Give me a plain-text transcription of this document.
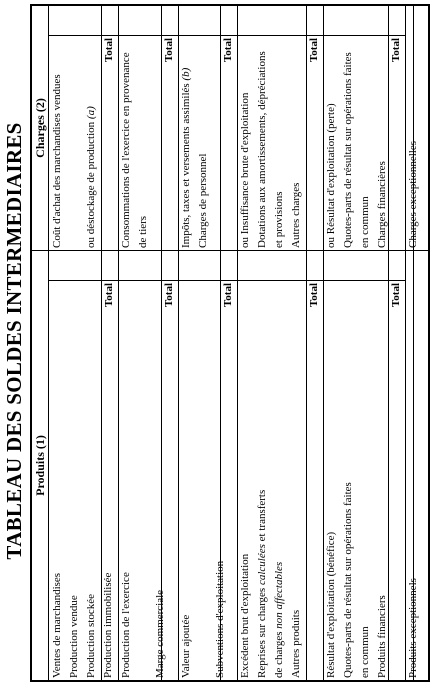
TABLEAU DES SOLDES INTERMEDIAIRES Produits (1)
Charges (2)
Ventes de marchandises Production vendue Production stockée Production immobilisée
Total
Coût d'achat des marchandises vendues
ou déstockage de production (a)
Total
Production de l'exercice
Marge commerciale
Total
Consommations de l'exercice en provenance de tiers
Total
Valeur ajoutée
Subventions d'exploitation
Total
Impôts, taxes et versements assimilés (b)
Charges de personnel
Total
Excédent brut d'exploitation Reprises sur charges calculées et transferts
de charges non affectables
Autres produits
Total
ou Insuffisance brute d'exploitation Dotations aux amortissements, dépréciations et provisions Autres charges
Total
Résultat d'exploitation (bénéfice) Quotes-parts de résultat sur opérations faites en commun Produits financiers
Total
ou Résultat d'exploitation (perte) Quotes-parts de résultat sur opérations faites en commun Charges financières
Total
Produits exceptionnels
Charges exceptionnelles
